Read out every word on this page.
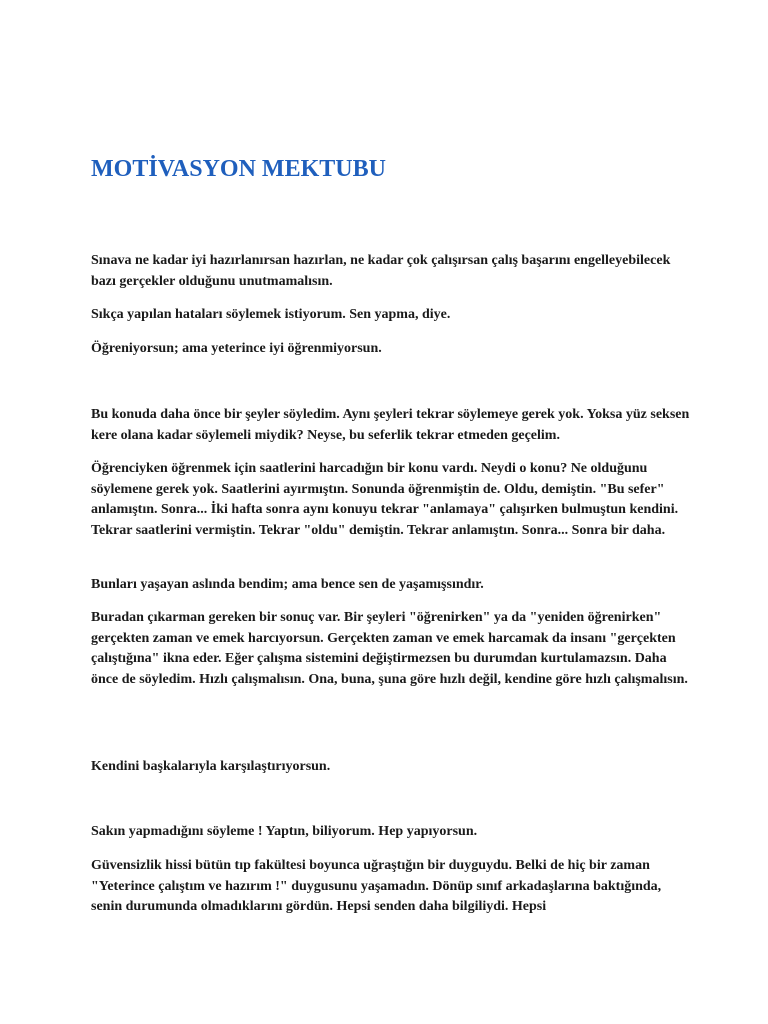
MOTİVASYON MEKTUBU

Sınava ne kadar iyi hazırlanırsan hazırlan, ne kadar çok çalışırsan çalış başarını engelleyebilecek bazı gerçekler olduğunu unutmamalısın.

Sıkça yapılan hataları söylemek istiyorum. Sen yapma, diye.

Öğreniyorsun; ama yeterince iyi öğrenmiyorsun.

Bu konuda daha önce bir şeyler söyledim. Aynı şeyleri tekrar söylemeye gerek yok. Yoksa yüz seksen kere olana kadar söylemeli miydik? Neyse, bu seferlik tekrar etmeden geçelim.

Öğrenciyken öğrenmek için saatlerini harcadığın bir konu vardı. Neydi o konu? Ne olduğunu söylemene gerek yok. Saatlerini ayırmıştın. Sonunda öğrenmiştin de. Oldu, demiştin. "Bu sefer" anlamıştın. Sonra... İki hafta sonra aynı konuyu tekrar "anlamaya" çalışırken bulmuştun kendini. Tekrar saatlerini vermiştin. Tekrar "oldu" demiştin. Tekrar anlamıştın. Sonra... Sonra bir daha.

Bunları yaşayan aslında bendim; ama bence sen de yaşamışsındır.

Buradan çıkarman gereken bir sonuç var. Bir şeyleri "öğrenirken" ya da "yeniden öğrenirken" gerçekten zaman ve emek harcıyorsun. Gerçekten zaman ve emek harcamak da insanı "gerçekten çalıştığına" ikna eder. Eğer çalışma sistemini değiştirmezsen bu durumdan kurtulamazsın. Daha önce de söyledim. Hızlı çalışmalısın. Ona, buna, şuna göre hızlı değil, kendine göre hızlı çalışmalısın.

Kendini başkalarıyla karşılaştırıyorsun.

Sakın yapmadığını söyleme ! Yaptın, biliyorum. Hep yapıyorsun.

Güvensizlik hissi bütün tıp fakültesi boyunca uğraştığın bir duyguydu. Belki de hiç bir zaman "Yeterince çalıştım ve hazırım !" duygusunu yaşamadın. Dönüp sınıf arkadaşlarına baktığında, senin durumunda olmadıklarını gördün. Hepsi senden daha bilgiliydi. Hepsi
